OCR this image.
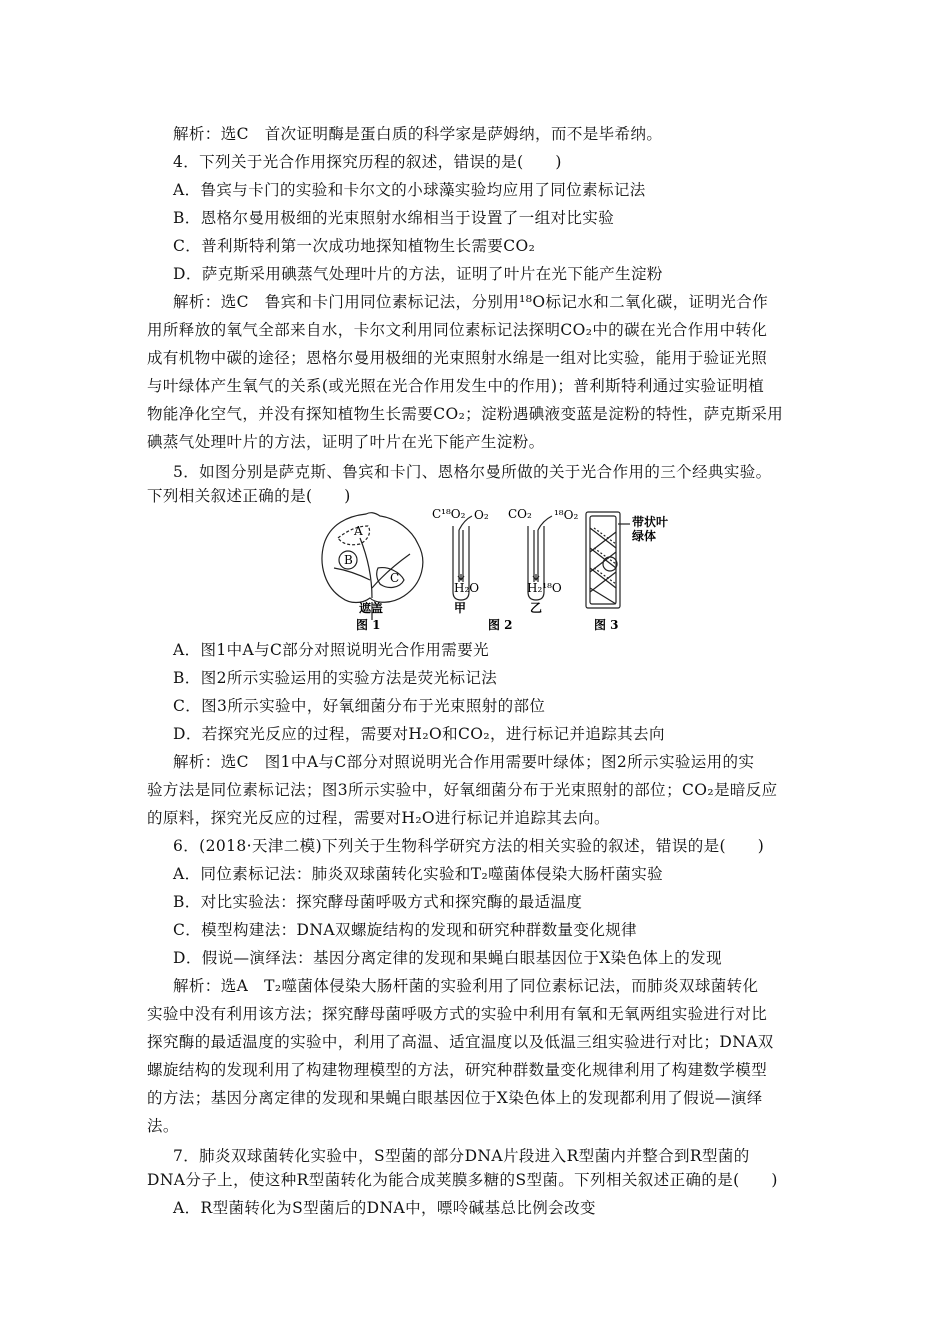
解析：选C　首次证明酶是蛋白质的科学家是萨姆纳，而不是毕希纳。
4．下列关于光合作用探究历程的叙述，错误的是(　　)
A．鲁宾与卡门的实验和卡尔文的小球藻实验均应用了同位素标记法
B．恩格尔曼用极细的光束照射水绵相当于设置了一组对比实验
C．普利斯特利第一次成功地探知植物生长需要CO₂
D．萨克斯采用碘蒸气处理叶片的方法，证明了叶片在光下能产生淀粉
解析：选C　鲁宾和卡门用同位素标记法，分别用¹⁸O标记水和二氧化碳，证明光合作
用所释放的氧气全部来自水，卡尔文利用同位素标记法探明CO₂中的碳在光合作用中转化
成有机物中碳的途径；恩格尔曼用极细的光束照射水绵是一组对比实验，能用于验证光照
与叶绿体产生氧气的关系(或光照在光合作用发生中的作用)；普利斯特利通过实验证明植
物能净化空气，并没有探知植物生长需要CO₂；淀粉遇碘液变蓝是淀粉的特性，萨克斯采用
碘蒸气处理叶片的方法，证明了叶片在光下能产生淀粉。
5．如图分别是萨克斯、鲁宾和卡门、恩格尔曼所做的关于光合作用的三个经典实验。
下列相关叙述正确的是(　　)
A
B
C
遮盖
图 1
C¹⁸O₂ O₂
H₂O
甲
CO₂ ¹⁸O₂
H₂¹⁸O
乙
图 2
带状叶
绿体
图 3
A．图1中A与C部分对照说明光合作用需要光
B．图2所示实验运用的实验方法是荧光标记法
C．图3所示实验中，好氧细菌分布于光束照射的部位
D．若探究光反应的过程，需要对H₂O和CO₂，进行标记并追踪其去向
解析：选C　图1中A与C部分对照说明光合作用需要叶绿体；图2所示实验运用的实
验方法是同位素标记法；图3所示实验中，好氧细菌分布于光束照射的部位；CO₂是暗反应
的原料，探究光反应的过程，需要对H₂O进行标记并追踪其去向。
6．(2018·天津二模)下列关于生物科学研究方法的相关实验的叙述，错误的是(　　)
A．同位素标记法：肺炎双球菌转化实验和T₂噬菌体侵染大肠杆菌实验
B．对比实验法：探究酵母菌呼吸方式和探究酶的最适温度
C．模型构建法：DNA双螺旋结构的发现和研究种群数量变化规律
D．假说—演绎法：基因分离定律的发现和果蝇白眼基因位于X染色体上的发现
解析：选A　T₂噬菌体侵染大肠杆菌的实验利用了同位素标记法，而肺炎双球菌转化
实验中没有利用该方法；探究酵母菌呼吸方式的实验中利用有氧和无氧两组实验进行对比
探究酶的最适温度的实验中，利用了高温、适宜温度以及低温三组实验进行对比；DNA双
螺旋结构的发现利用了构建物理模型的方法，研究种群数量变化规律利用了构建数学模型
的方法；基因分离定律的发现和果蝇白眼基因位于X染色体上的发现都利用了假说—演绎
法。
7．肺炎双球菌转化实验中，S型菌的部分DNA片段进入R型菌内并整合到R型菌的
DNA分子上，使这种R型菌转化为能合成荚膜多糖的S型菌。下列相关叙述正确的是(　　)
A．R型菌转化为S型菌后的DNA中，嘌呤碱基总比例会改变
